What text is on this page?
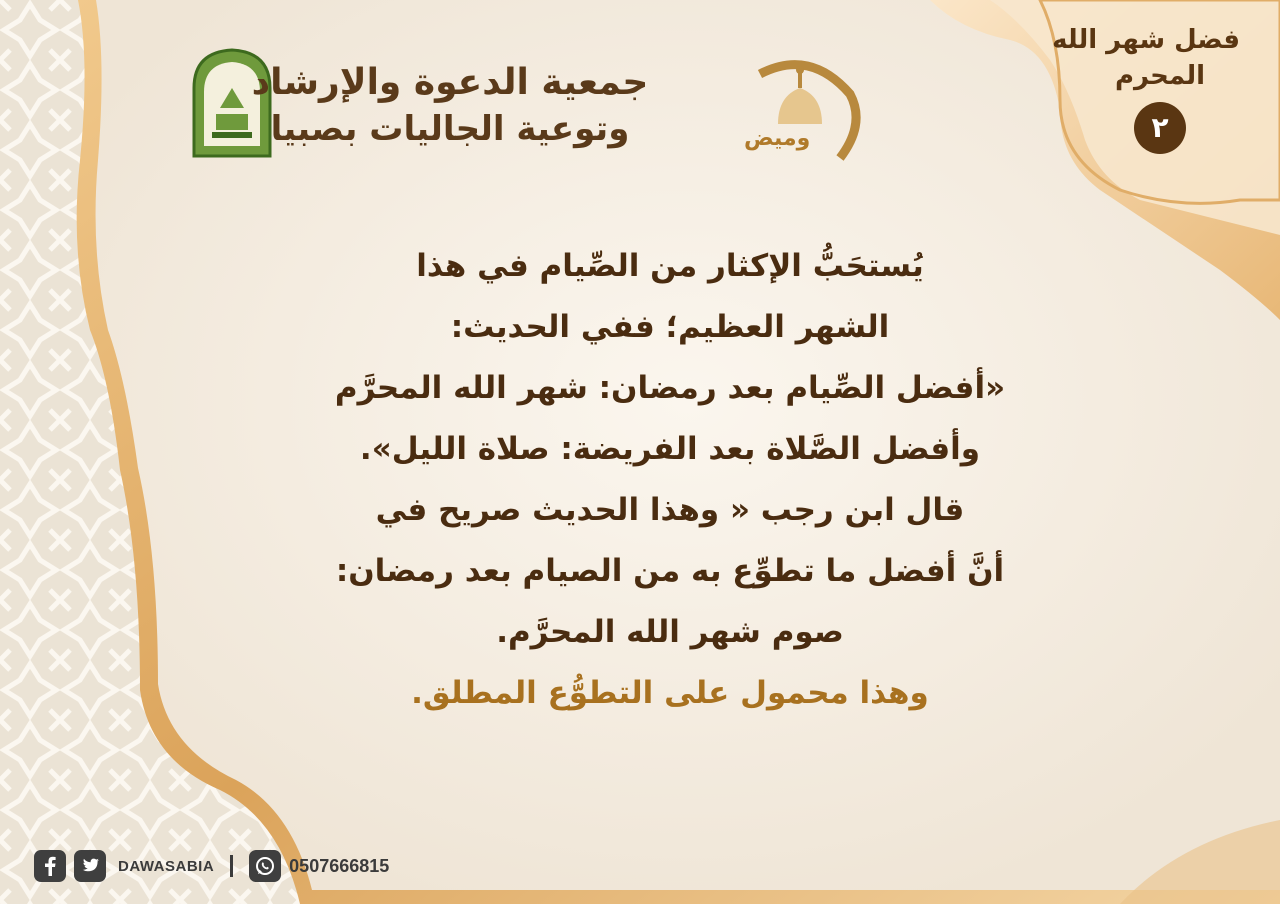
جمعية الدعوة والإرشاد
وتوعية الجاليات بصبيا	وميض
فضل شهر الله
المحرم
٢
يُستحَبُّ الإكثار من الصِّيام في هذا
الشهر العظيم؛ ففي الحديث:
«أفضل الصِّيام بعد رمضان: شهر الله المحرَّم
وأفضل الصَّلاة بعد الفريضة: صلاة الليل».
قال ابن رجب « وهذا الحديث صريح في
أنَّ أفضل ما تطوِّع به من الصيام بعد رمضان:
صوم شهر الله المحرَّم.
وهذا محمول على التطوُّع المطلق.
DAWASABIA	0507666815
